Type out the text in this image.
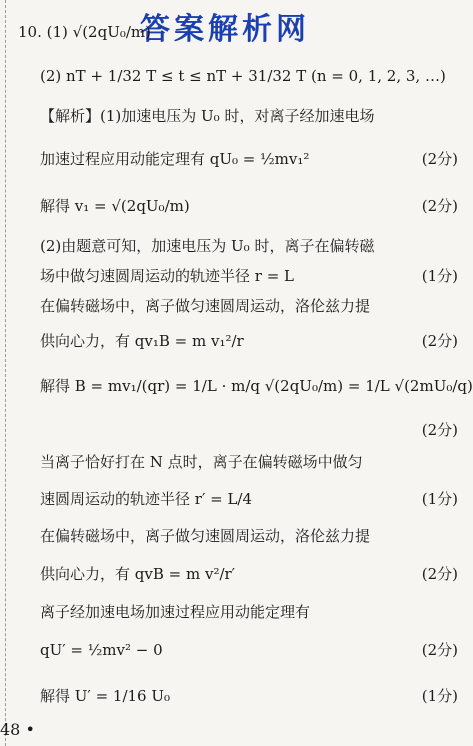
答案解析网
10. (1) √(2qU₀/m)
(2) nT + 1/32 T ≤ t ≤ nT + 31/32 T (n = 0, 1, 2, 3, …)
【解析】(1)加速电压为 U₀ 时，对离子经加速电场
加速过程应用动能定理有 qU₀ = ½mv₁²	(2分)
解得 v₁ = √(2qU₀/m)	(2分)
(2)由题意可知，加速电压为 U₀ 时，离子在偏转磁
场中做匀速圆周运动的轨迹半径 r = L	(1分)
在偏转磁场中，离子做匀速圆周运动，洛伦兹力提
供向心力，有 qv₁B = m v₁²/r	(2分)
解得 B = mv₁/(qr) = 1/L · m/q √(2qU₀/m) = 1/L √(2mU₀/q)
(2分)
当离子恰好打在 N 点时，离子在偏转磁场中做匀
速圆周运动的轨迹半径 r′ = L/4	(1分)
在偏转磁场中，离子做匀速圆周运动，洛伦兹力提
供向心力，有 qvB = m v²/r′	(2分)
离子经加速电场加速过程应用动能定理有
qU′ = ½mv² − 0	(2分)
解得 U′ = 1/16 U₀	(1分)
48 •
